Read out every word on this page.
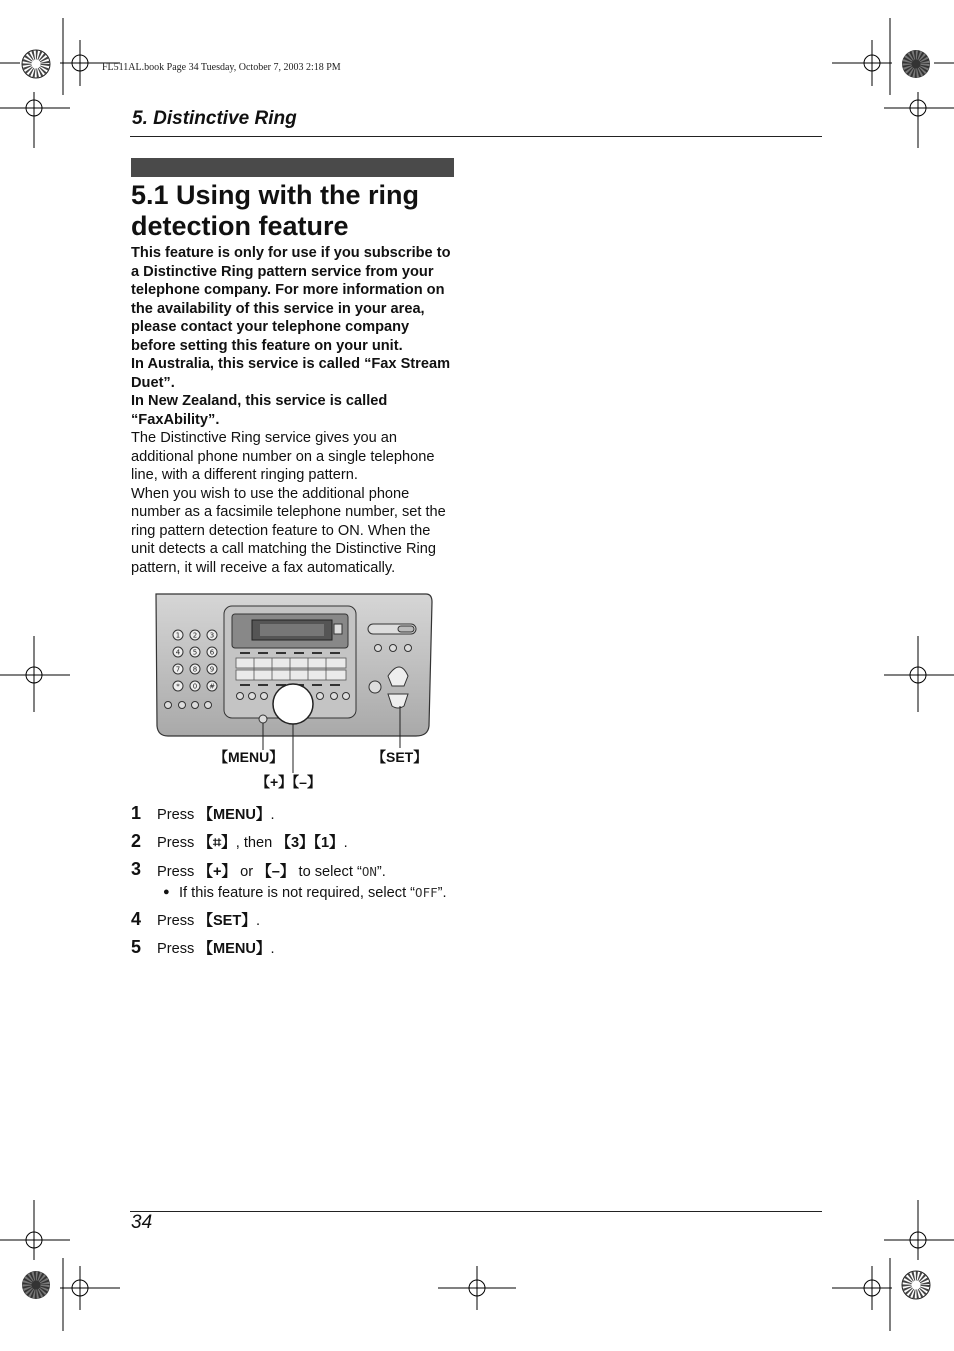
FL511AL.book Page 34 Tuesday, October 7, 2003 2:18 PM
5. Distinctive Ring
5.1 Using with the ring detection feature

This feature is only for use if you subscribe to a Distinctive Ring pattern service from your telephone company. For more information on the availability of this service in your area, please contact your telephone company before setting this feature on your unit.

In Australia, this service is called “Fax Stream Duet”.

In New Zealand, this service is called “FaxAbility”.

The Distinctive Ring service gives you an additional phone number on a single telephone line, with a different ringing pattern.

When you wish to use the additional phone number as a facsimile telephone number, set the ring pattern detection feature to ON. When the unit detects a call matching the Distinctive Ring pattern, it will receive a fax automatically.

1 2 3
4 5 6
7 8 9
* 0 #
【MENU】	【SET】
【+】【–】
1 Press 【MENU】.
2 Press 【⌗】, then 【3】【1】.
3 Press 【+】 or 【–】 to select “ON”.
● If this feature is not required, select “OFF”.
4 Press 【SET】.
5 Press 【MENU】.
34
